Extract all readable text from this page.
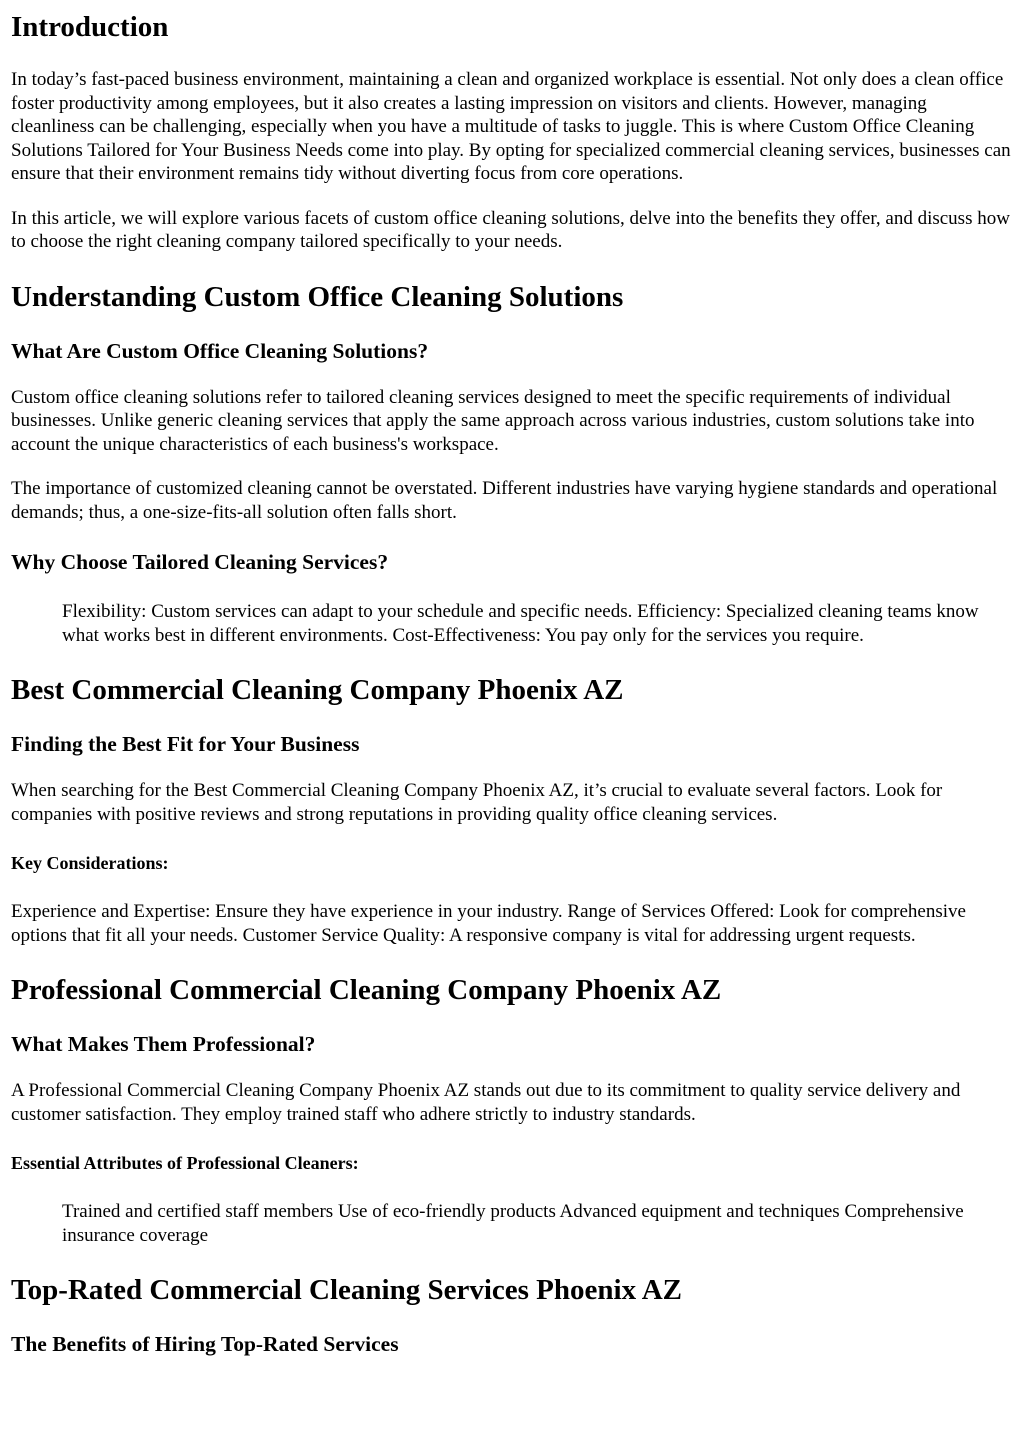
Introduction

In today’s fast-paced business environment, maintaining a clean and organized workplace is essential. Not only does a clean office foster productivity among employees, but it also creates a lasting impression on visitors and clients. However, managing cleanliness can be challenging, especially when you have a multitude of tasks to juggle. This is where Custom Office Cleaning Solutions Tailored for Your Business Needs come into play. By opting for specialized commercial cleaning services, businesses can ensure that their environment remains tidy without diverting focus from core operations.

In this article, we will explore various facets of custom office cleaning solutions, delve into the benefits they offer, and discuss how to choose the right cleaning company tailored specifically to your needs.

Understanding Custom Office Cleaning Solutions
What Are Custom Office Cleaning Solutions?

Custom office cleaning solutions refer to tailored cleaning services designed to meet the specific requirements of individual businesses. Unlike generic cleaning services that apply the same approach across various industries, custom solutions take into account the unique characteristics of each business's workspace.

The importance of customized cleaning cannot be overstated. Different industries have varying hygiene standards and operational demands; thus, a one-size-fits-all solution often falls short.

Why Choose Tailored Cleaning Services?

Flexibility: Custom services can adapt to your schedule and specific needs. Efficiency: Specialized cleaning teams know what works best in different environments. Cost-Effectiveness: You pay only for the services you require.

Best Commercial Cleaning Company Phoenix AZ
Finding the Best Fit for Your Business

When searching for the Best Commercial Cleaning Company Phoenix AZ, it’s crucial to evaluate several factors. Look for companies with positive reviews and strong reputations in providing quality office cleaning services.

Key Considerations:

Experience and Expertise: Ensure they have experience in your industry. Range of Services Offered: Look for comprehensive options that fit all your needs. Customer Service Quality: A responsive company is vital for addressing urgent requests.

Professional Commercial Cleaning Company Phoenix AZ
What Makes Them Professional?

A Professional Commercial Cleaning Company Phoenix AZ stands out due to its commitment to quality service delivery and customer satisfaction. They employ trained staff who adhere strictly to industry standards.

Essential Attributes of Professional Cleaners:

Trained and certified staff members Use of eco-friendly products Advanced equipment and techniques Comprehensive insurance coverage

Top-Rated Commercial Cleaning Services Phoenix AZ
The Benefits of Hiring Top-Rated Services
